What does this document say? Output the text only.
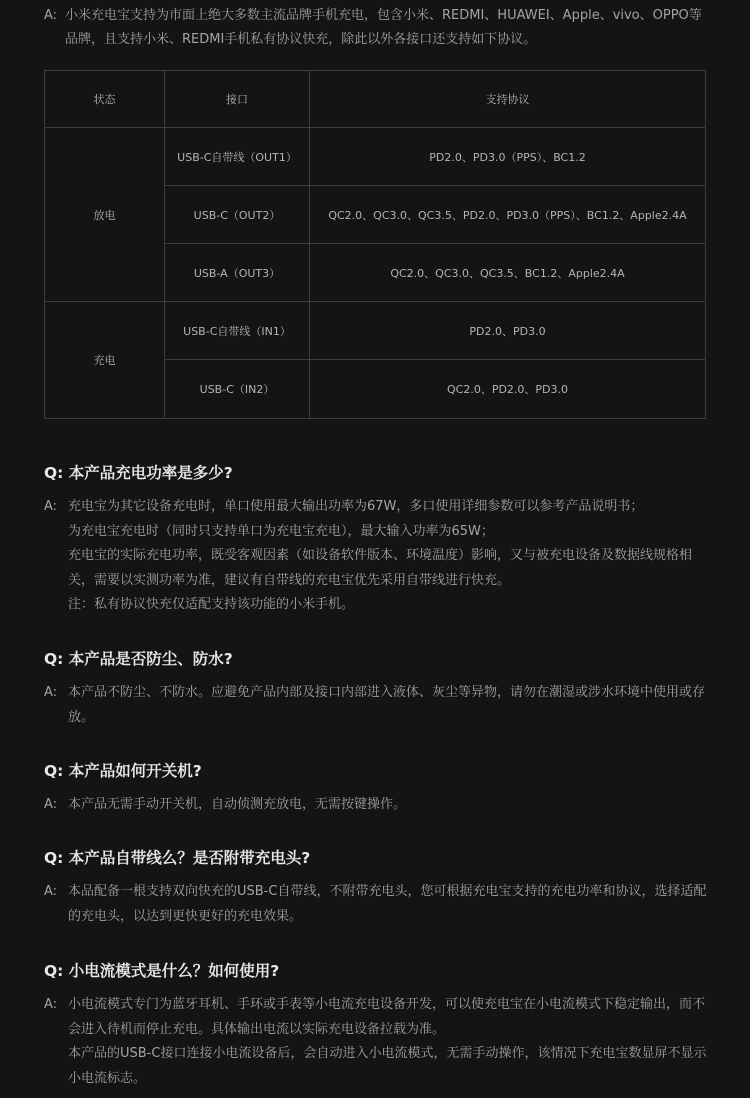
A: 小米充电宝支持为市面上绝大多数主流品牌手机充电，包含小米、REDMI、HUAWEI、Apple、vivo、OPPO等品牌，且支持小米、REDMI手机私有协议快充，除此以外各接口还支持如下协议。
状态	接口	支持协议
放电	USB-C自带线（OUT1）	PD2.0、PD3.0（PPS）、BC1.2
	USB-C（OUT2）	QC2.0、QC3.0、QC3.5、PD2.0、PD3.0（PPS）、BC1.2、Apple2.4A
	USB-A（OUT3）	QC2.0、QC3.0、QC3.5、BC1.2、Apple2.4A
充电	USB-C自带线（IN1）	PD2.0、PD3.0
	USB-C（IN2）	QC2.0、PD2.0、PD3.0
Q: 本产品充电功率是多少?
A: 充电宝为其它设备充电时，单口使用最大输出功率为67W，多口使用详细参数可以参考产品说明书；

为充电宝充电时（同时只支持单口为充电宝充电），最大输入功率为65W；

充电宝的实际充电功率，既受客观因素（如设备软件版本、环境温度）影响，又与被充电设备及数据线规格相关，需要以实测功率为准，建议有自带线的充电宝优先采用自带线进行快充。

注：私有协议快充仅适配支持该功能的小米手机。

Q: 本产品是否防尘、防水?
A: 本产品不防尘、不防水。应避免产品内部及接口内部进入液体、灰尘等异物，请勿在潮湿或涉水环境中使用或存放。

Q: 本产品如何开关机?
A: 本产品无需手动开关机，自动侦测充放电，无需按键操作。

Q: 本产品自带线么？是否附带充电头?
A: 本品配备一根支持双向快充的USB-C自带线，不附带充电头，您可根据充电宝支持的充电功率和协议，选择适配的充电头，以达到更快更好的充电效果。

Q: 小电流模式是什么？如何使用?
A: 小电流模式专门为蓝牙耳机、手环或手表等小电流充电设备开发，可以使充电宝在小电流模式下稳定输出，而不会进入待机而停止充电。具体输出电流以实际充电设备拉载为准。

本产品的USB-C接口连接小电流设备后，会自动进入小电流模式，无需手动操作，该情况下充电宝数显屏不显示小电流标志。
